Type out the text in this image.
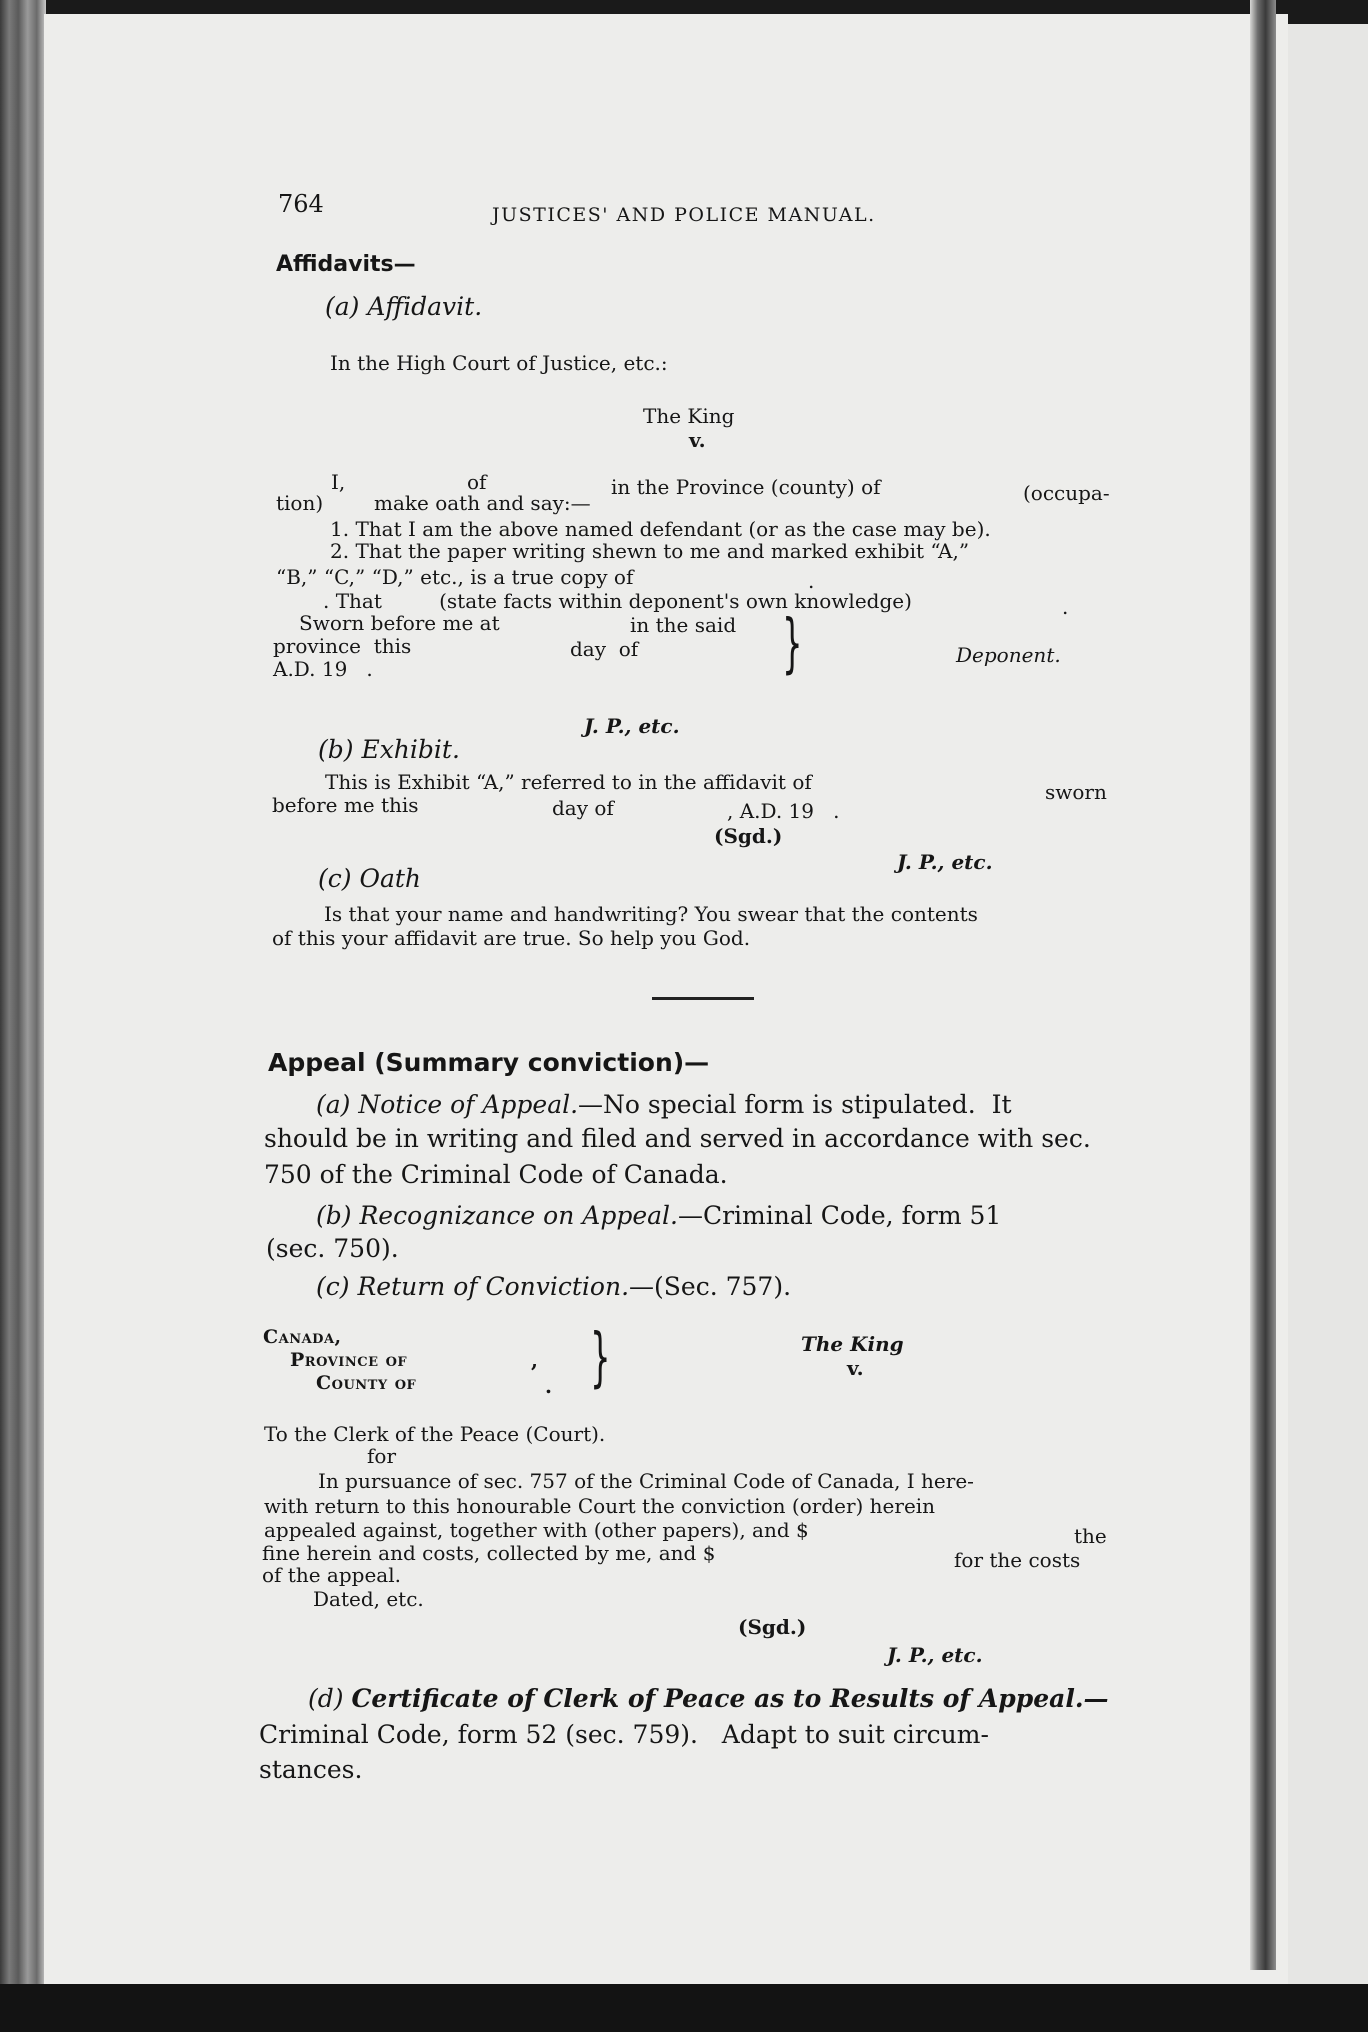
764	JUSTICES' AND POLICE MANUAL.
Affidavits—
(a) Affidavit.
In the High Court of Justice, etc.:
The King
v.
I,	of	in the Province (county) of	(occupa-
tion)        make oath and say:—
1. That I am the above named defendant (or as the case may be).
2. That the paper writing shewn to me and marked exhibit “A,”
“B,” “C,” “D,” etc., is a true copy of	.
. That         (state facts within deponent's own knowledge)	.
Sworn before me at	in the said
province  this	day  of
A.D. 19   .	}	Deponent.
J. P., etc.
(b) Exhibit.
This is Exhibit “A,” referred to in the affidavit of	sworn
before me this	day of	, A.D. 19   .
(Sgd.)
J. P., etc.
(c) Oath
Is that your name and handwriting? You swear that the contents
of this your affidavit are true. So help you God.
Appeal (Summary conviction)—
(a) Notice of Appeal.—No special form is stipulated.  It
should be in writing and filed and served in accordance with sec.
750 of the Criminal Code of Canada.
(b) Recognizance on Appeal.—Criminal Code, form 51
(sec. 750).
(c) Return of Conviction.—(Sec. 757).
Canada,
Province of
County of
,
. }	The King
v.
To the Clerk of the Peace (Court).
for
In pursuance of sec. 757 of the Criminal Code of Canada, I here-
with return to this honourable Court the conviction (order) herein
appealed against, together with (other papers), and $	the
fine herein and costs, collected by me, and $	for the costs
of the appeal.
Dated, etc.
(Sgd.)
J. P., etc.
(d) Certificate of Clerk of Peace as to Results of Appeal.—
Criminal Code, form 52 (sec. 759).   Adapt to suit circum-
stances.
